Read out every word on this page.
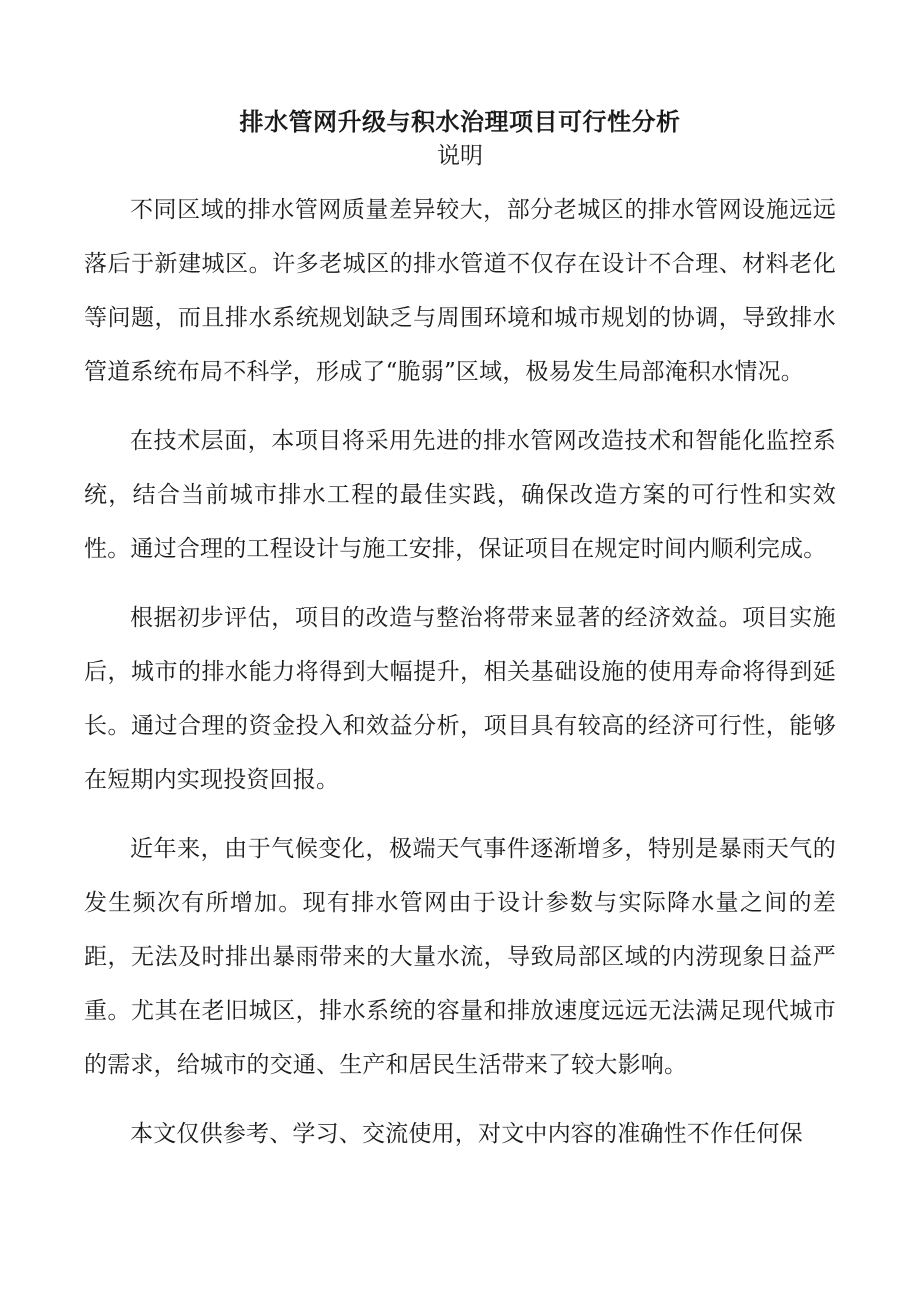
排水管网升级与积水治理项目可行性分析
说明

不同区域的排水管网质量差异较大，部分老城区的排水管网设施远远落后于新建城区。许多老城区的排水管道不仅存在设计不合理、材料老化等问题，而且排水系统规划缺乏与周围环境和城市规划的协调，导致排水管道系统布局不科学，形成了“脆弱”区域，极易发生局部淹积水情况。

在技术层面，本项目将采用先进的排水管网改造技术和智能化监控系统，结合当前城市排水工程的最佳实践，确保改造方案的可行性和实效性。通过合理的工程设计与施工安排，保证项目在规定时间内顺利完成。

根据初步评估，项目的改造与整治将带来显著的经济效益。项目实施后，城市的排水能力将得到大幅提升，相关基础设施的使用寿命将得到延长。通过合理的资金投入和效益分析，项目具有较高的经济可行性，能够在短期内实现投资回报。

近年来，由于气候变化，极端天气事件逐渐增多，特别是暴雨天气的发生频次有所增加。现有排水管网由于设计参数与实际降水量之间的差距，无法及时排出暴雨带来的大量水流，导致局部区域的内涝现象日益严重。尤其在老旧城区，排水系统的容量和排放速度远远无法满足现代城市的需求，给城市的交通、生产和居民生活带来了较大影响。

本文仅供参考、学习、交流使用，对文中内容的准确性不作任何保
